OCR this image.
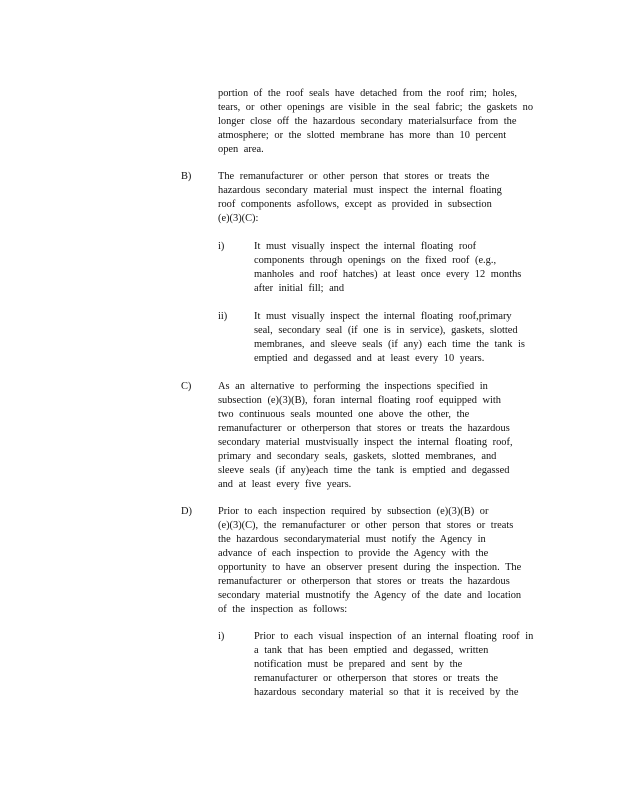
portion of the roof seals have detached from the roof rim; holes,
tears, or other openings are visible in the seal fabric; the gaskets no
longer close off the hazardous secondary materialsurface from the
atmosphere; or the slotted membrane has more than 10 percent
open area.
B)	The remanufacturer or other person that stores or treats the
hazardous secondary material must inspect the internal floating
roof components asfollows, except as provided in subsection
(e)(3)(C):
i)	It must visually inspect the internal floating roof
components through openings on the fixed roof (e.g.,
manholes and roof hatches) at least once every 12 months
after initial fill; and
ii)	It must visually inspect the internal floating roof,primary
seal, secondary seal (if one is in service), gaskets, slotted
membranes, and sleeve seals (if any) each time the tank is
emptied and degassed and at least every 10 years.
C)	As an alternative to performing the inspections specified in
subsection (e)(3)(B), foran internal floating roof equipped with
two continuous seals mounted one above the other, the
remanufacturer or otherperson that stores or treats the hazardous
secondary material mustvisually inspect the internal floating roof,
primary and secondary seals, gaskets, slotted membranes, and
sleeve seals (if any)each time the tank is emptied and degassed
and at least every five years.
D)	Prior to each inspection required by subsection (e)(3)(B) or
(e)(3)(C), the remanufacturer or other person that stores or treats
the hazardous secondarymaterial must notify the Agency in
advance of each inspection to provide the Agency with the
opportunity to have an observer present during the inspection. The
remanufacturer or otherperson that stores or treats the hazardous
secondary material mustnotify the Agency of the date and location
of the inspection as follows:
i)	Prior to each visual inspection of an internal floating roof in
a tank that has been emptied and degassed, written
notification must be prepared and sent by the
remanufacturer or otherperson that stores or treats the
hazardous secondary material so that it is received by the
